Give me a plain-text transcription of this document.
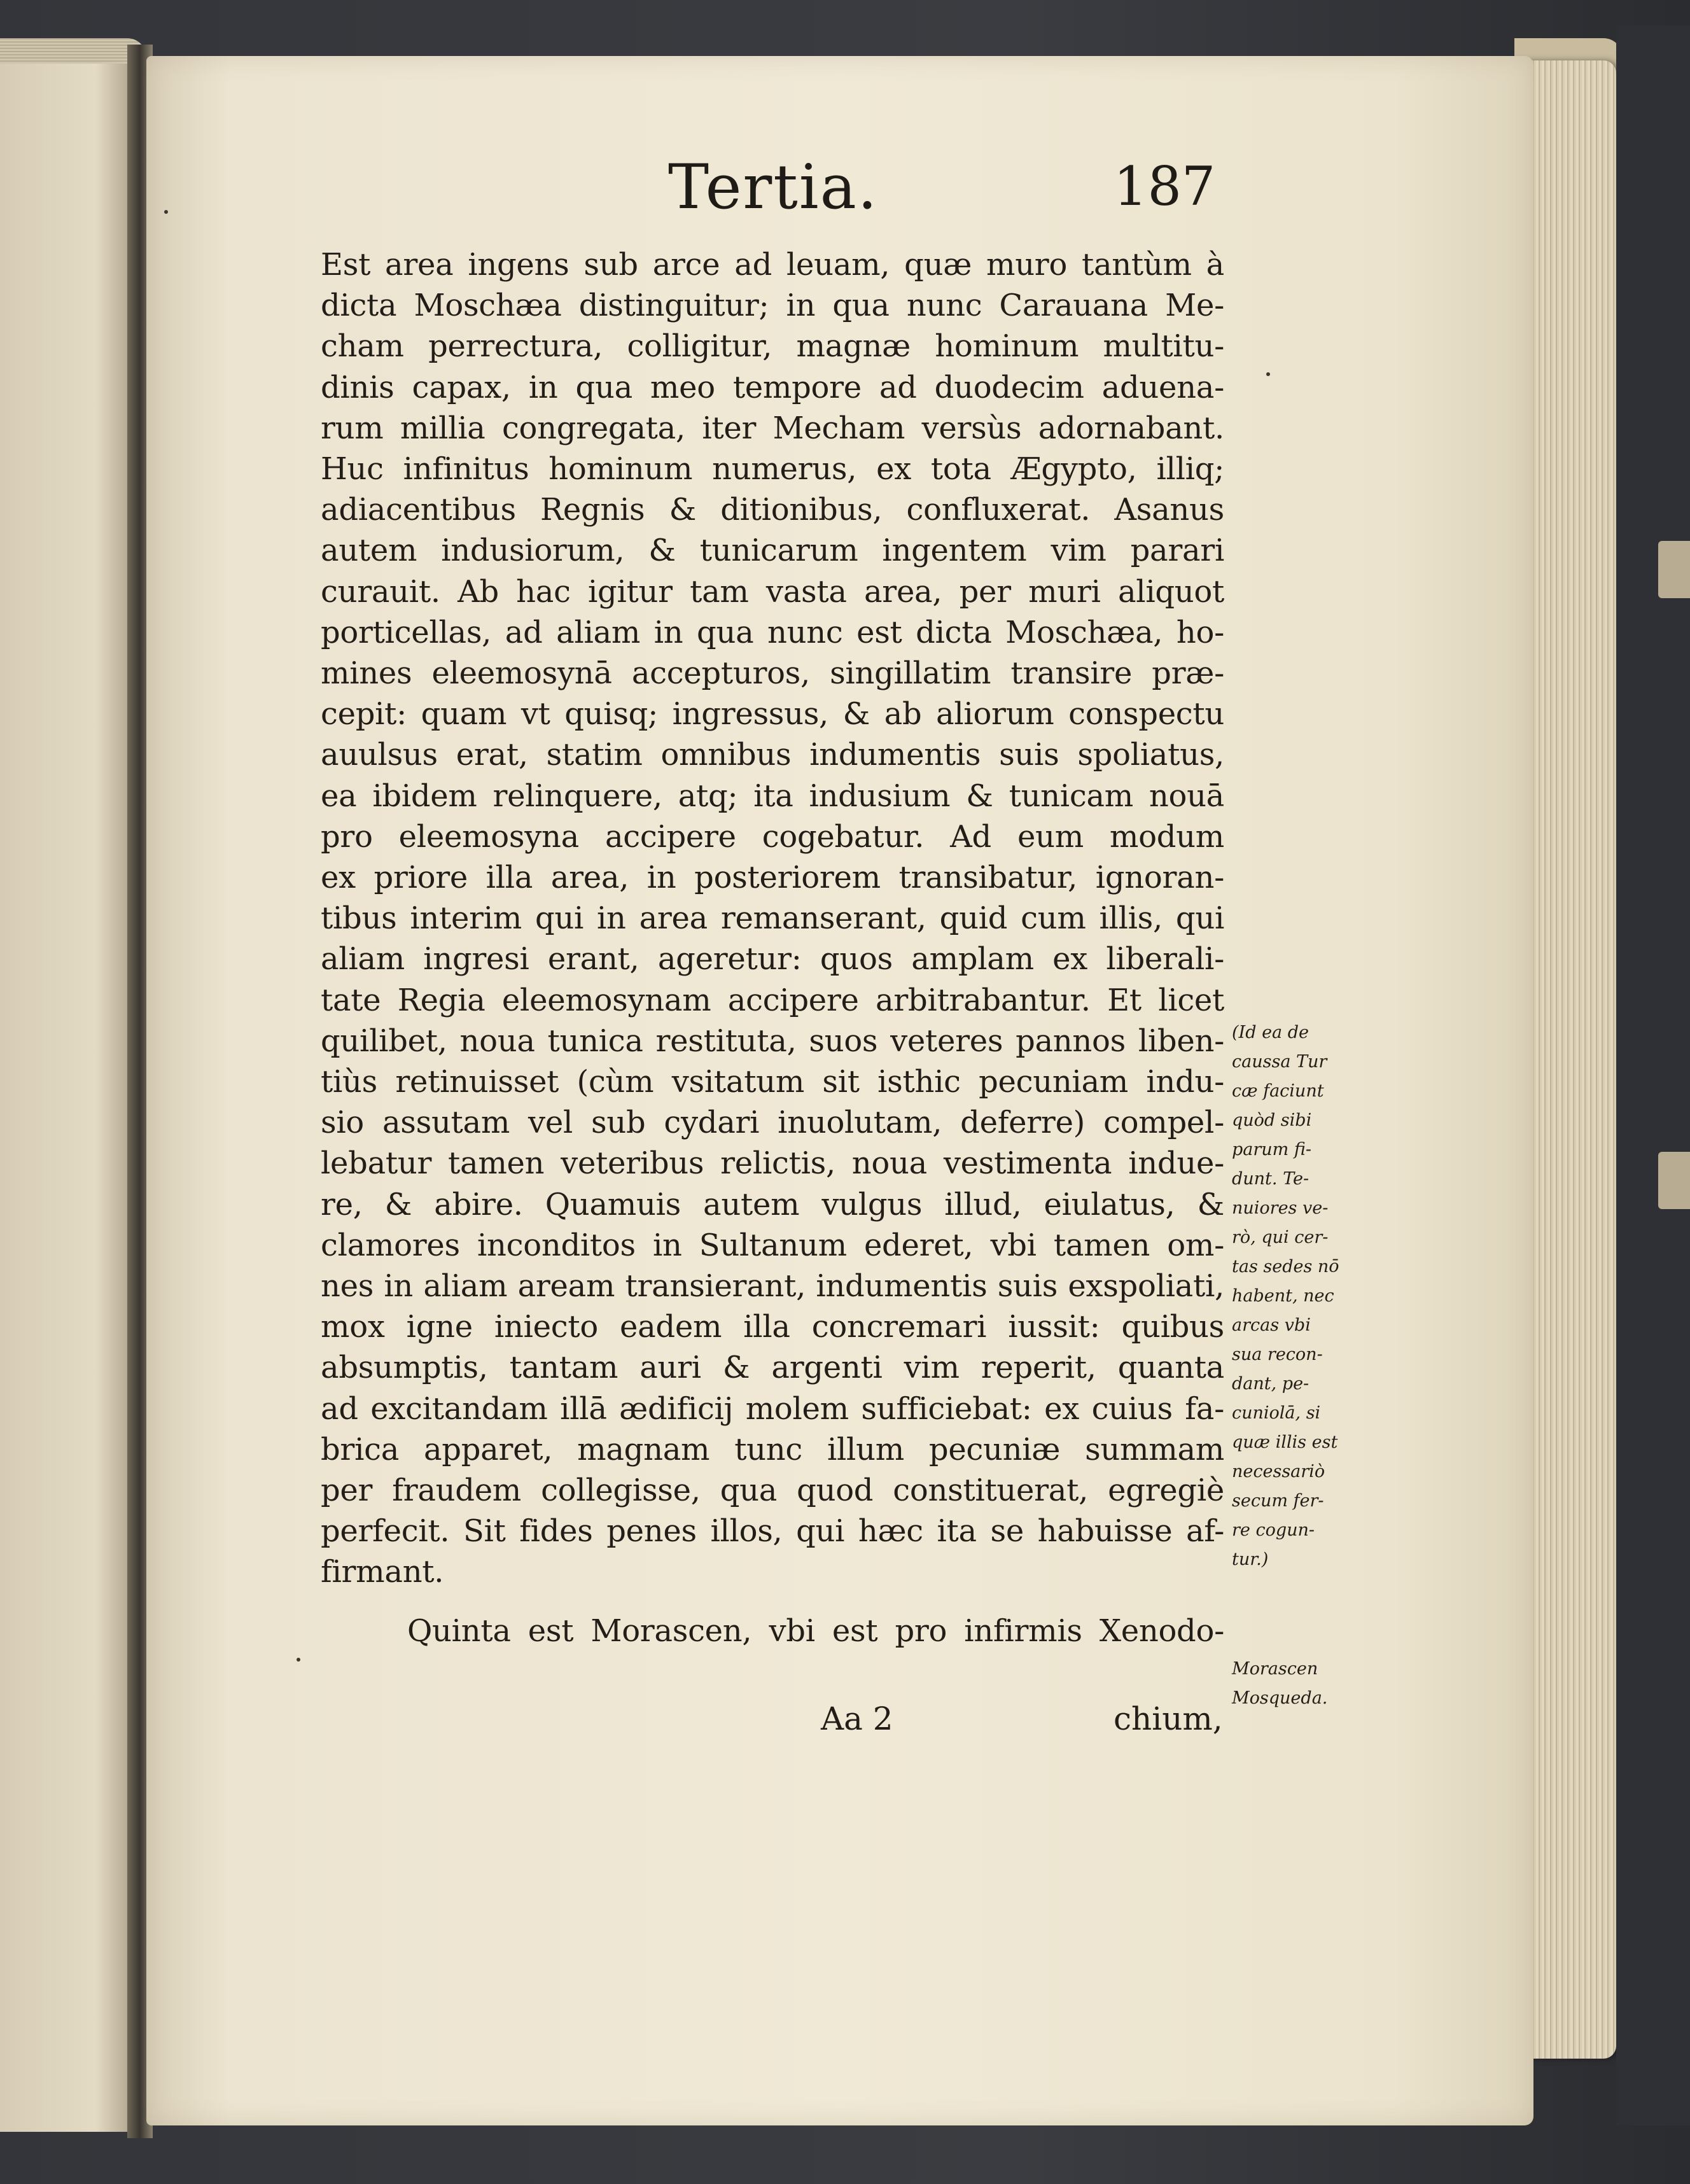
Tertia.	187
Est area ingens sub arce ad leuam, quæ muro tantùm à
dicta Moschæa distinguitur; in qua nunc Carauana Me-
cham perrectura, colligitur, magnæ hominum multitu-
dinis capax, in qua meo tempore ad duodecim aduena-
rum millia congregata, iter Mecham versùs adornabant.
Huc infinitus hominum numerus, ex tota Ægypto, illiq;
adiacentibus Regnis & ditionibus, confluxerat. Asanus
autem indusiorum, & tunicarum ingentem vim parari
curauit. Ab hac igitur tam vasta area, per muri aliquot
porticellas, ad aliam in qua nunc est dicta Moschæa, ho-
mines eleemosynā accepturos, singillatim transire præ-
cepit: quam vt quisq; ingressus, & ab aliorum conspectu
auulsus erat, statim omnibus indumentis suis spoliatus,
ea ibidem relinquere, atq; ita indusium & tunicam nouā
pro eleemosyna accipere cogebatur. Ad eum modum
ex priore illa area, in posteriorem transibatur, ignoran-
tibus interim qui in area remanserant, quid cum illis, qui
aliam ingresi erant, ageretur: quos amplam ex liberali-
tate Regia eleemosynam accipere arbitrabantur. Et licet
quilibet, noua tunica restituta, suos veteres pannos liben-
tiùs retinuisset (cùm vsitatum sit isthic pecuniam indu-
sio assutam vel sub cydari inuolutam, deferre) compel-
lebatur tamen veteribus relictis, noua vestimenta indue-
re, & abire. Quamuis autem vulgus illud, eiulatus, &
clamores inconditos in Sultanum ederet, vbi tamen om-
nes in aliam aream transierant, indumentis suis exspoliati,
mox igne iniecto eadem illa concremari iussit: quibus
absumptis, tantam auri & argenti vim reperit, quanta
ad excitandam illā ædificij molem sufficiebat: ex cuius fa-
brica apparet, magnam tunc illum pecuniæ summam
per fraudem collegisse, qua quod constituerat, egregiè
perfecit. Sit fides penes illos, qui hæc ita se habuisse af-
firmant.
Quinta est Morascen, vbi est pro infirmis Xenodo-
(Id ea de
caussa Tur
cæ faciunt
quòd sibi
parum fi-
dunt. Te-
nuiores ve-
rò, qui cer-
tas sedes nō
habent, nec
arcas vbi
sua recon-
dant, pe-
cuniolā, si
quæ illis est
necessariò
secum fer-
re cogun-
tur.)
Morascen
Mosqueda.
Aa 2	chium,
